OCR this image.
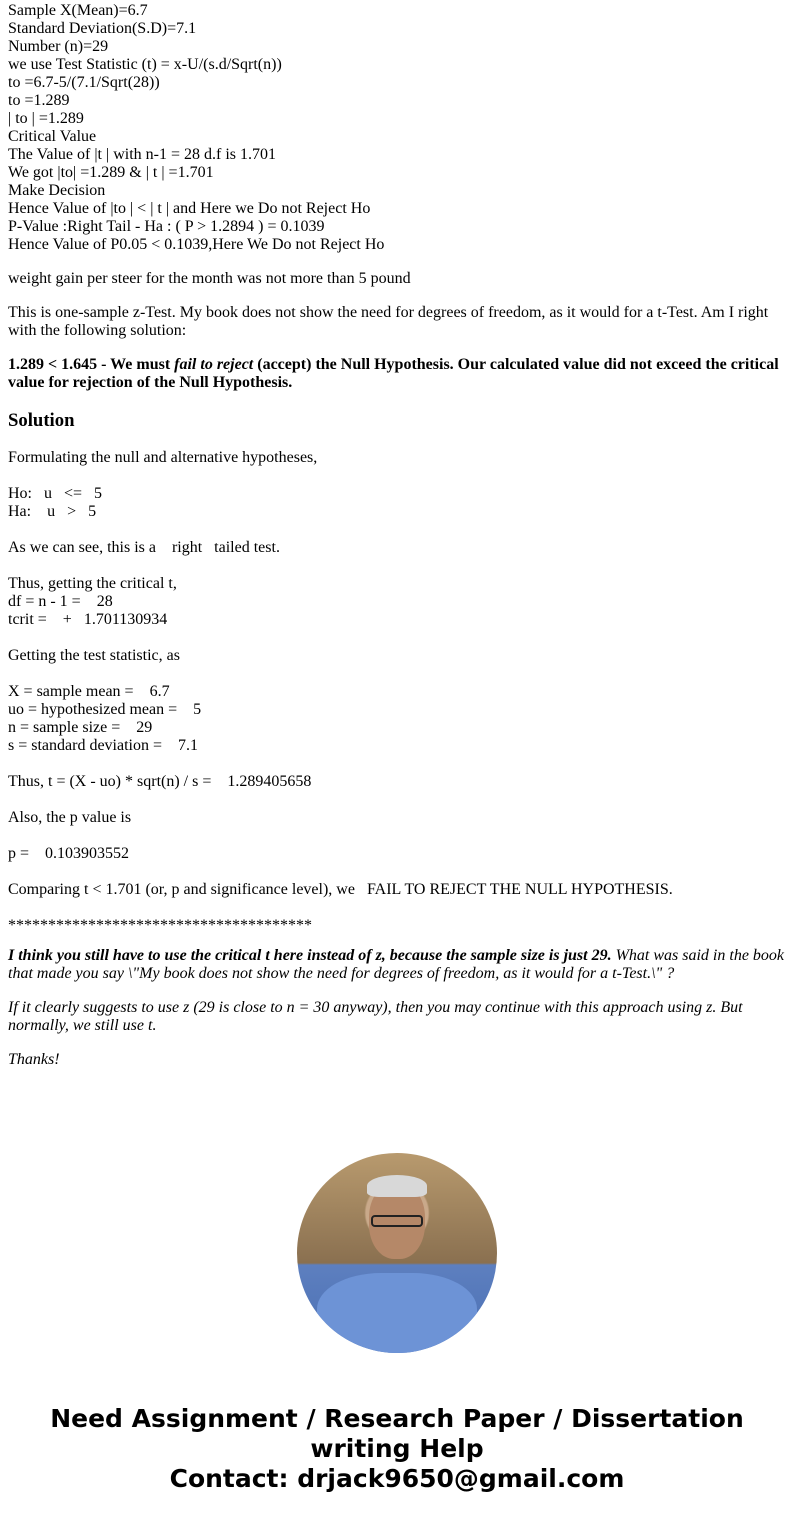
Sample X(Mean)=6.7
Standard Deviation(S.D)=7.1
Number (n)=29
we use Test Statistic (t) = x-U/(s.d/Sqrt(n))
to =6.7-5/(7.1/Sqrt(28))
to =1.289
| to | =1.289
Critical Value
The Value of |t | with n-1 = 28 d.f is 1.701
We got |to| =1.289 & | t | =1.701
Make Decision
Hence Value of |to | < | t | and Here we Do not Reject Ho
P-Value :Right Tail - Ha : ( P > 1.2894 ) = 0.1039
Hence Value of P0.05 < 0.1039,Here We Do not Reject Ho

weight gain per steer for the month was not more than 5 pound

This is one-sample z-Test. My book does not show the need for degrees of freedom, as it would for a t-Test. Am I right with the following solution:

1.289 < 1.645 - We must fail to reject (accept) the Null Hypothesis. Our calculated value did not exceed the critical value for rejection of the Null Hypothesis.

Solution
Formulating the null and alternative hypotheses,
Ho:   u   <=   5
Ha:    u   >   5
As we can see, this is a    right   tailed test.
Thus, getting the critical t,
df = n - 1 =    28
tcrit =    +   1.701130934
Getting the test statistic, as
X = sample mean =    6.7
uo = hypothesized mean =    5
n = sample size =    29
s = standard deviation =    7.1
Thus, t = (X - uo) * sqrt(n) / s =    1.289405658
Also, the p value is
p =    0.103903552
Comparing t < 1.701 (or, p and significance level), we   FAIL TO REJECT THE NULL HYPOTHESIS.
**************************************

I think you still have to use the critical t here instead of z, because the sample size is just 29. What was said in the book that made you say \"My book does not show the need for degrees of freedom, as it would for a t-Test.\" ?

If it clearly suggests to use z (29 is close to n = 30 anyway), then you may continue with this approach using z. But normally, we still use t.

Thanks!

Need Assignment / Research Paper / Dissertation writing Help
Contact: drjack9650@gmail.com
